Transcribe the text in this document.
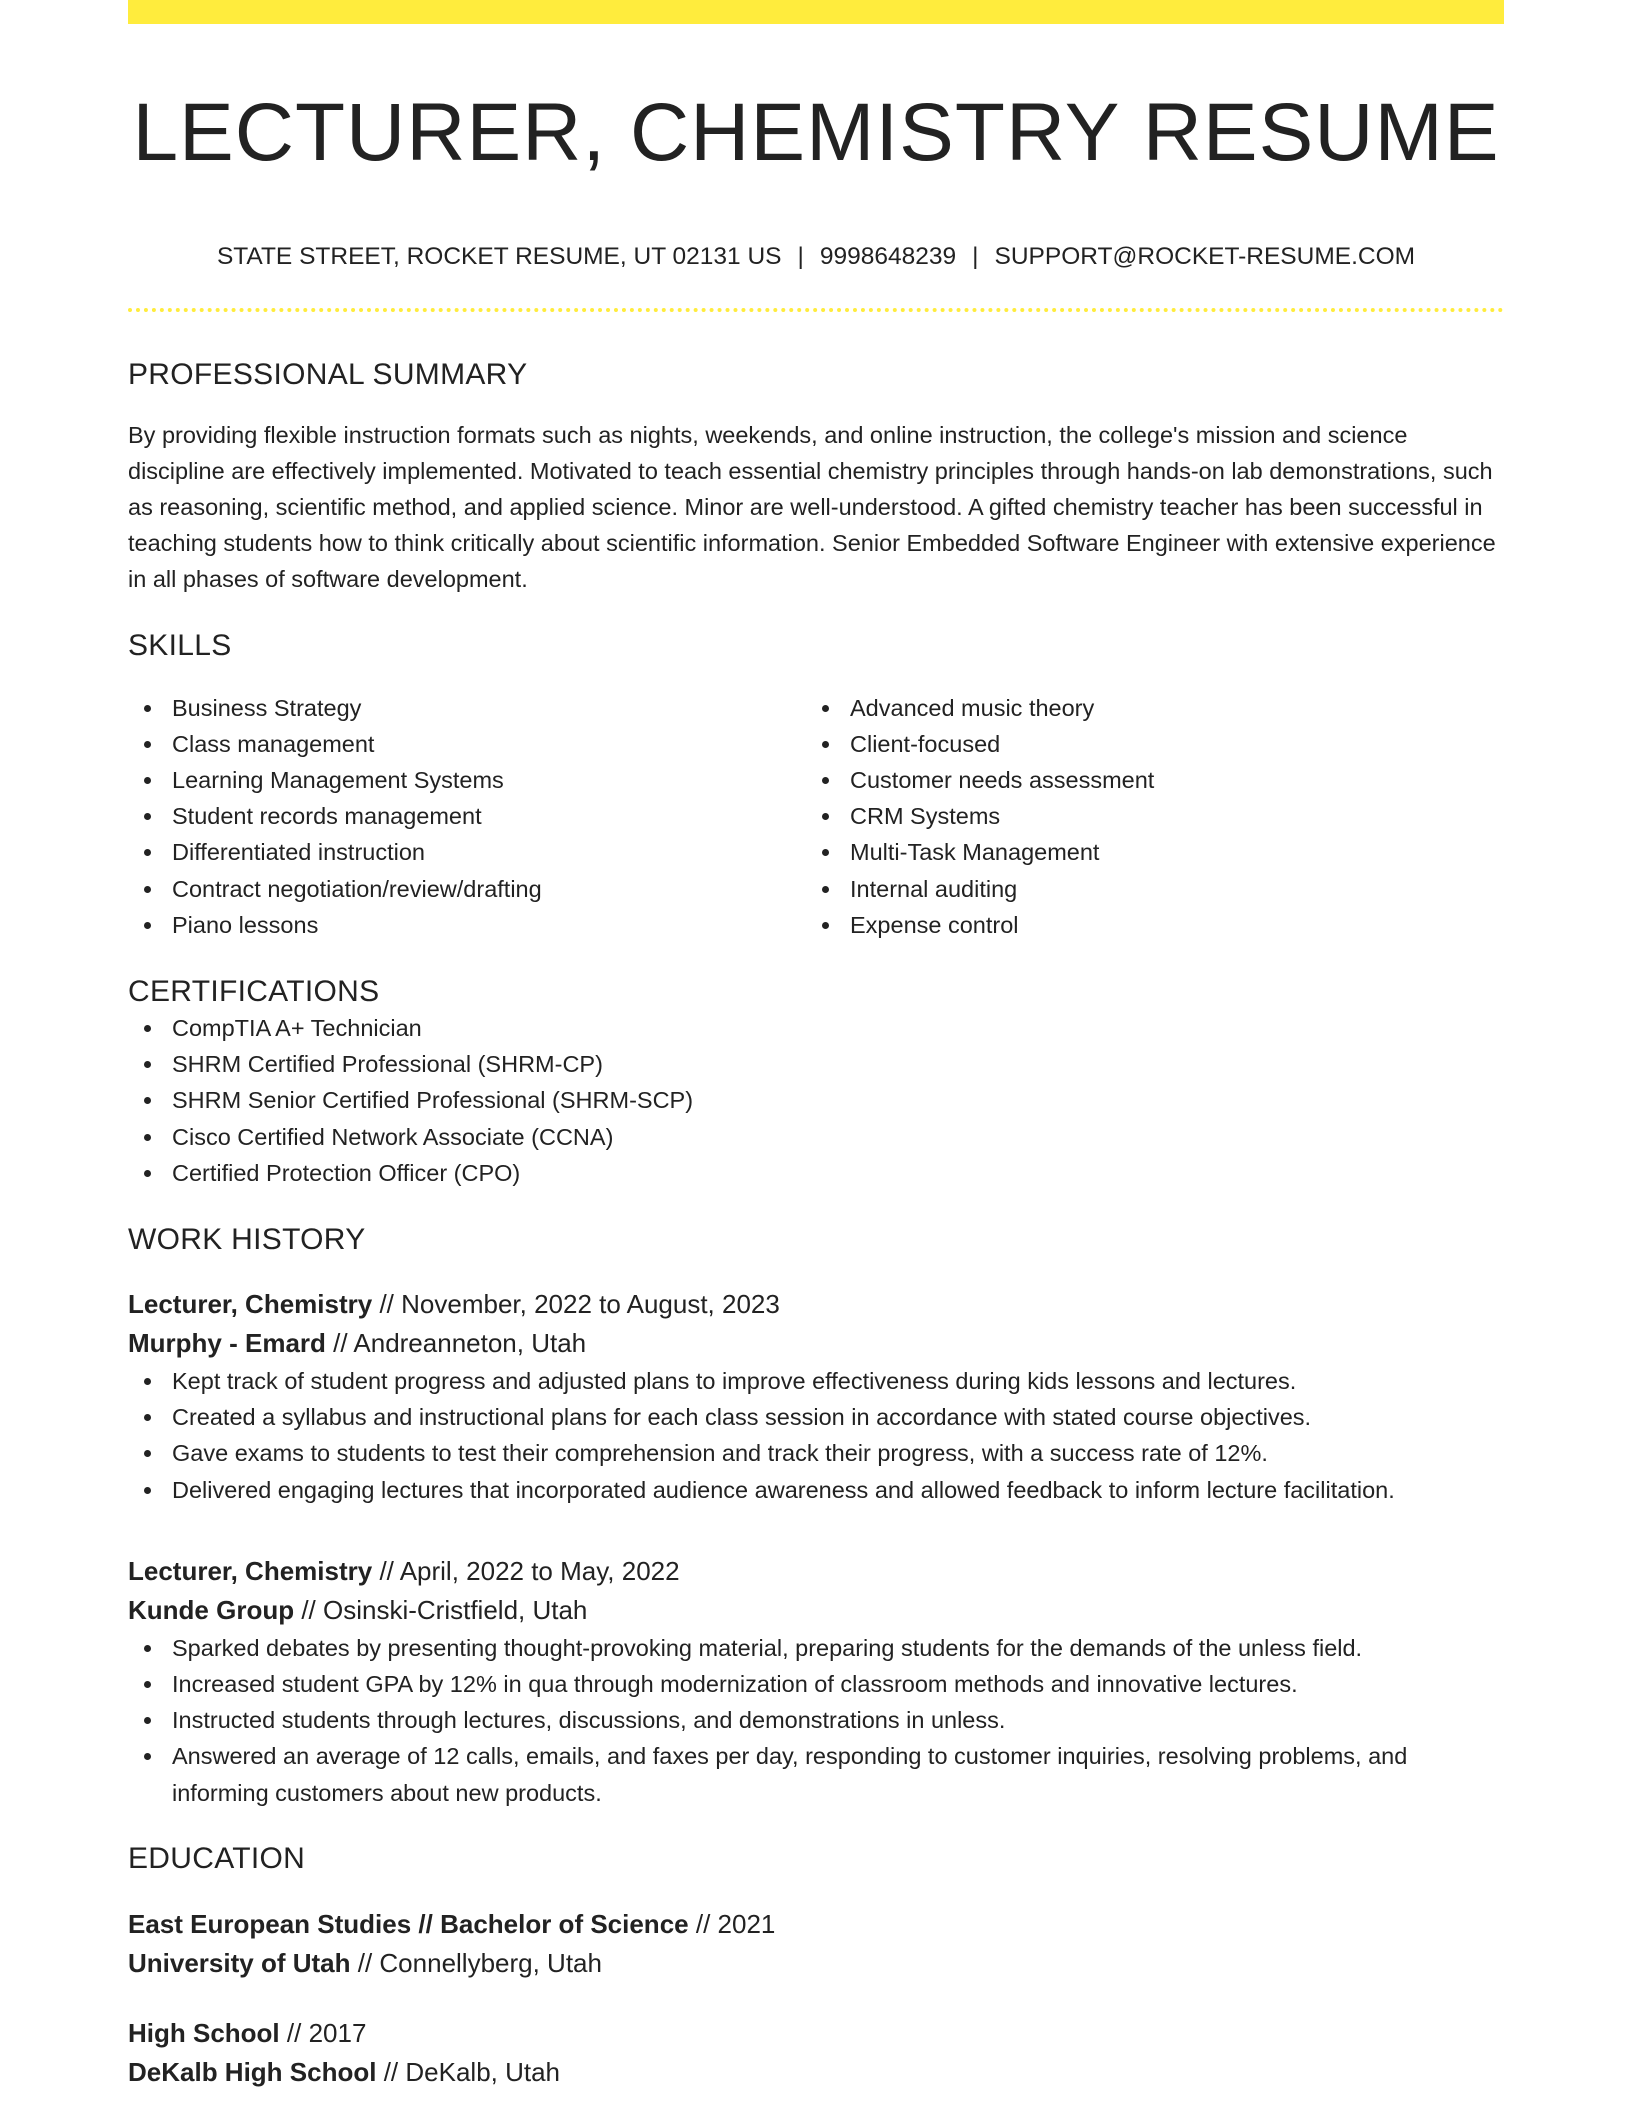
LECTURER, CHEMISTRY RESUME
STATE STREET, ROCKET RESUME, UT 02131 US | 9998648239 | SUPPORT@ROCKET-RESUME.COM
PROFESSIONAL SUMMARY

By providing flexible instruction formats such as nights, weekends, and online instruction, the college's mission and science discipline are effectively implemented. Motivated to teach essential chemistry principles through hands-on lab demonstrations, such as reasoning, scientific method, and applied science. Minor are well-understood. A gifted chemistry teacher has been successful in teaching students how to think critically about scientific information. Senior Embedded Software Engineer with extensive experience in all phases of software development.

SKILLS
Business Strategy
Class management
Learning Management Systems
Student records management
Differentiated instruction
Contract negotiation/review/drafting
Piano lessons
Advanced music theory
Client-focused
Customer needs assessment
CRM Systems
Multi-Task Management
Internal auditing
Expense control
CERTIFICATIONS
CompTIA A+ Technician
SHRM Certified Professional (SHRM-CP)
SHRM Senior Certified Professional (SHRM-SCP)
Cisco Certified Network Associate (CCNA)
Certified Protection Officer (CPO)
WORK HISTORY
Lecturer, Chemistry // November, 2022 to August, 2023
Murphy - Emard // Andreanneton, Utah
Kept track of student progress and adjusted plans to improve effectiveness during kids lessons and lectures.
Created a syllabus and instructional plans for each class session in accordance with stated course objectives.
Gave exams to students to test their comprehension and track their progress, with a success rate of 12%.
Delivered engaging lectures that incorporated audience awareness and allowed feedback to inform lecture facilitation.
Lecturer, Chemistry // April, 2022 to May, 2022
Kunde Group // Osinski-Cristfield, Utah
Sparked debates by presenting thought-provoking material, preparing students for the demands of the unless field.
Increased student GPA by 12% in qua through modernization of classroom methods and innovative lectures.
Instructed students through lectures, discussions, and demonstrations in unless.
Answered an average of 12 calls, emails, and faxes per day, responding to customer inquiries, resolving problems, and informing customers about new products.
EDUCATION
East European Studies // Bachelor of Science // 2021
University of Utah // Connellyberg, Utah
High School // 2017
DeKalb High School // DeKalb, Utah
